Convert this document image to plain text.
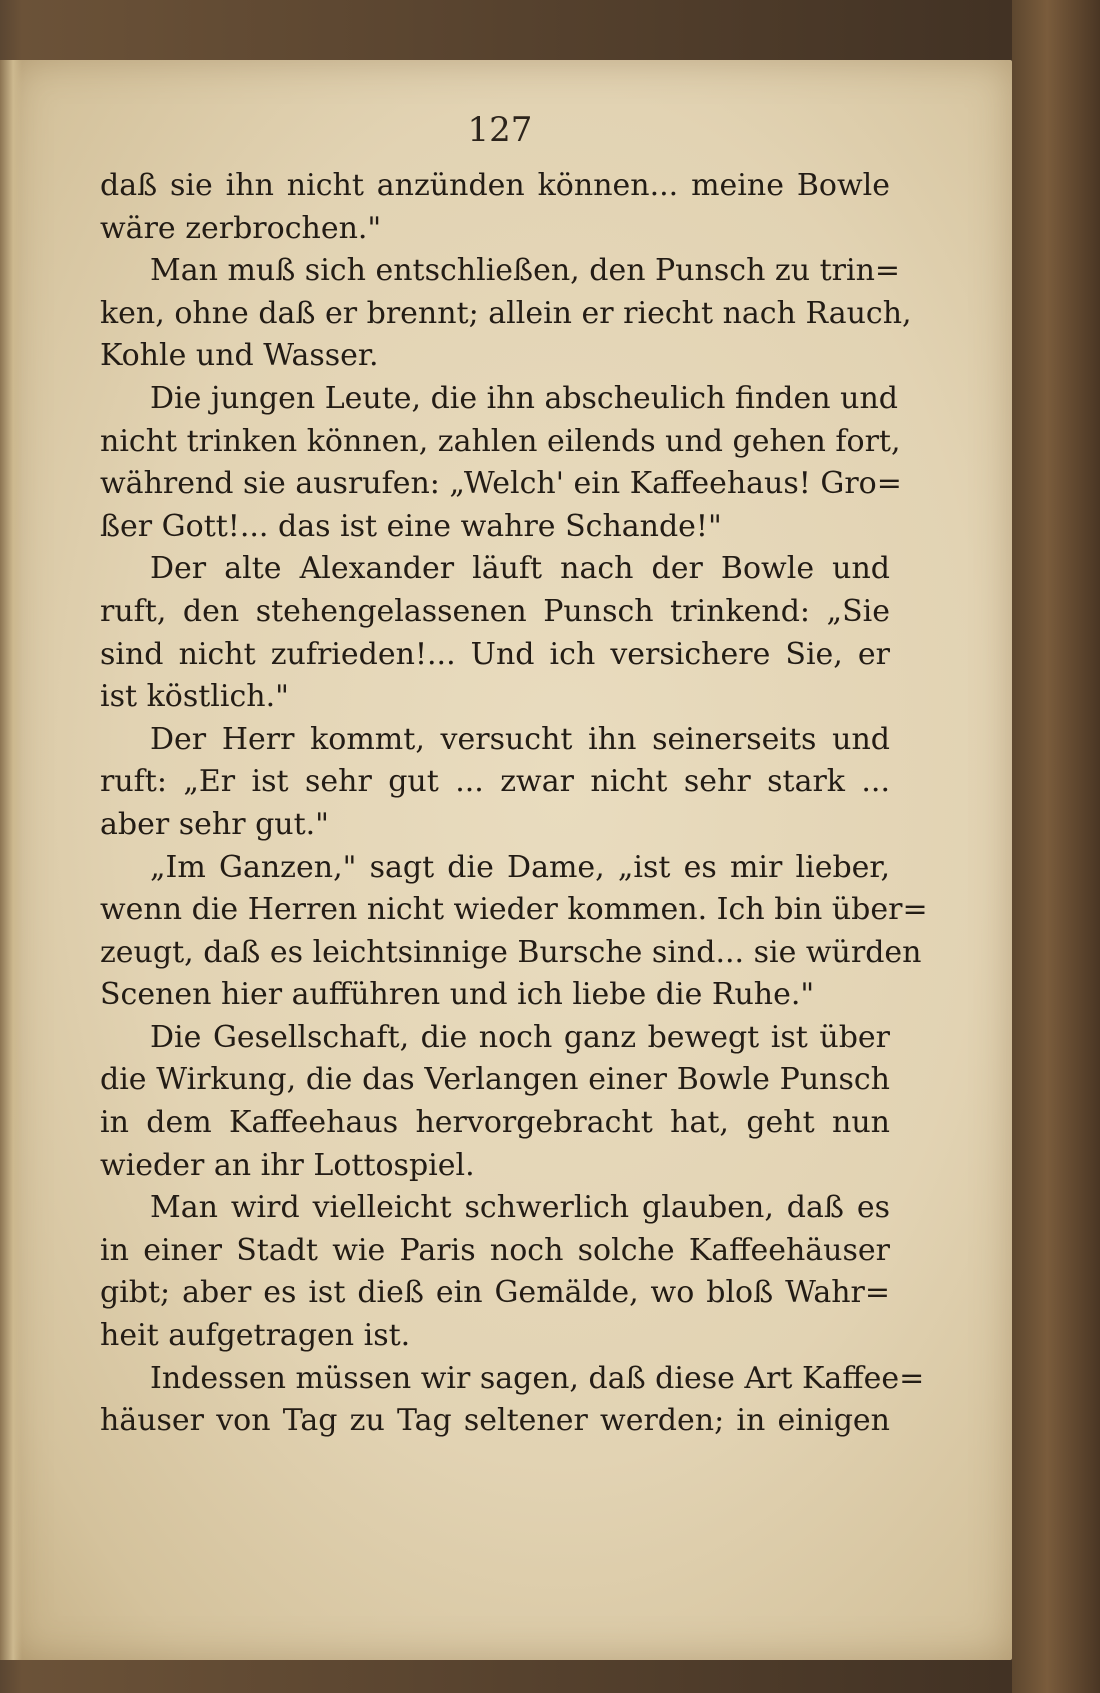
127
daß sie ihn nicht anzünden können... meine Bowle
wäre zerbrochen."
Man muß sich entschließen, den Punsch zu trin=
ken, ohne daß er brennt; allein er riecht nach Rauch,
Kohle und Wasser.
Die jungen Leute, die ihn abscheulich finden und
nicht trinken können, zahlen eilends und gehen fort,
während sie ausrufen: „Welch' ein Kaffeehaus! Gro=
ßer Gott!... das ist eine wahre Schande!"
Der alte Alexander läuft nach der Bowle und
ruft, den stehengelassenen Punsch trinkend: „Sie
sind nicht zufrieden!... Und ich versichere Sie, er
ist köstlich."
Der Herr kommt, versucht ihn seinerseits und
ruft: „Er ist sehr gut ... zwar nicht sehr stark ...
aber sehr gut."
„Im Ganzen," sagt die Dame, „ist es mir lieber,
wenn die Herren nicht wieder kommen. Ich bin über=
zeugt, daß es leichtsinnige Bursche sind... sie würden
Scenen hier aufführen und ich liebe die Ruhe."
Die Gesellschaft, die noch ganz bewegt ist über
die Wirkung, die das Verlangen einer Bowle Punsch
in dem Kaffeehaus hervorgebracht hat, geht nun
wieder an ihr Lottospiel.
Man wird vielleicht schwerlich glauben, daß es
in einer Stadt wie Paris noch solche Kaffeehäuser
gibt; aber es ist dieß ein Gemälde, wo bloß Wahr=
heit aufgetragen ist.
Indessen müssen wir sagen, daß diese Art Kaffee=
häuser von Tag zu Tag seltener werden; in einigen
